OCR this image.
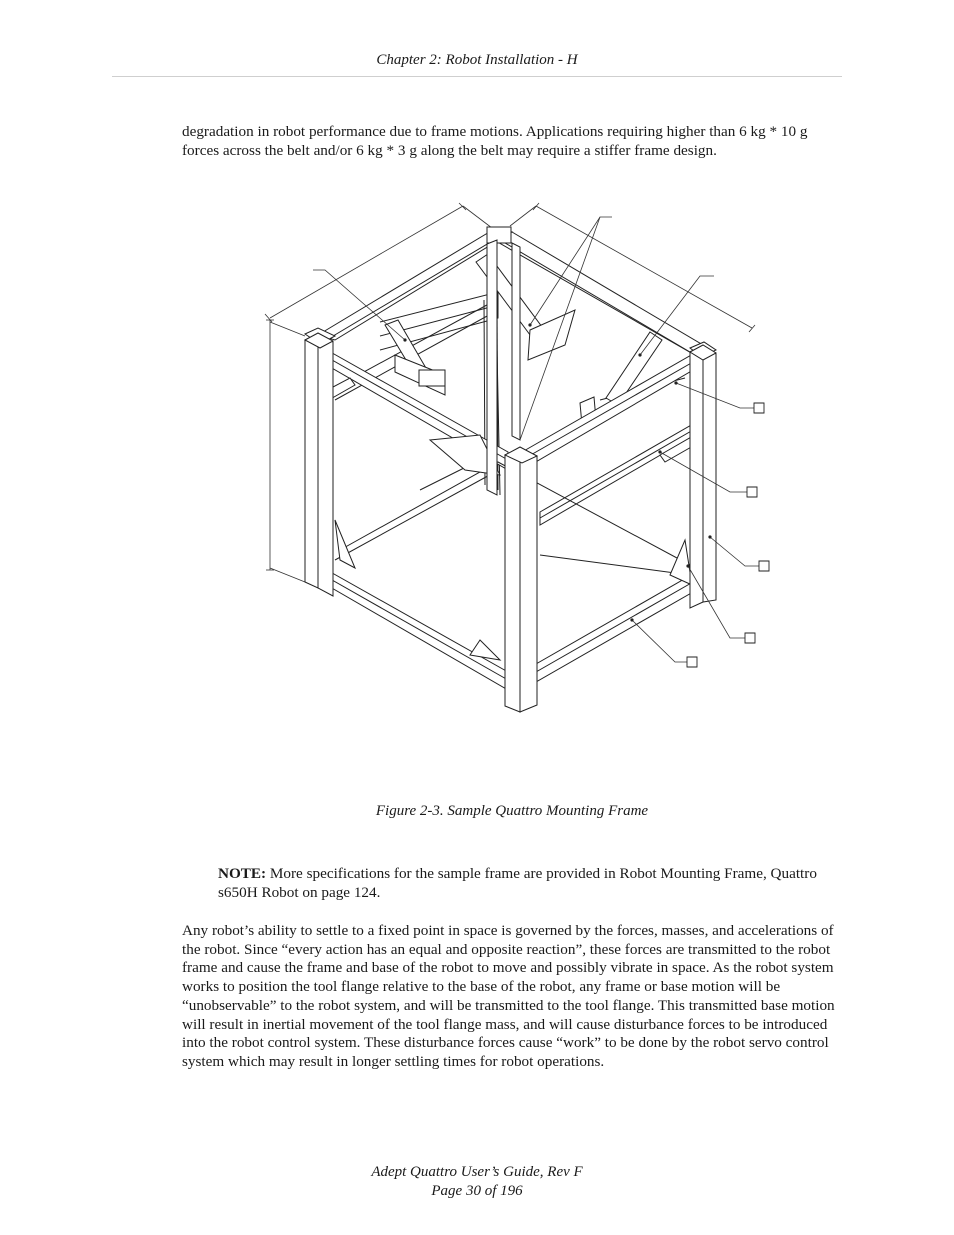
Chapter 2: Robot Installation - H

degradation in robot performance due to frame motions. Applications requiring higher than 6 kg * 10 g forces across the belt and/or 6 kg * 3 g along the belt may require a stiffer frame design.

Figure 2-3. Sample Quattro Mounting Frame
NOTE: More specifications for the sample frame are provided in Robot Mounting Frame, Quattro s650H Robot on page 124.

Any robot’s ability to settle to a fixed point in space is governed by the forces, masses, and accelerations of the robot. Since “every action has an equal and opposite reaction”, these forces are transmitted to the robot frame and cause the frame and base of the robot to move and possibly vibrate in space. As the robot system works to position the tool flange relative to the base of the robot, any frame or base motion will be “unobservable” to the robot system, and will be transmitted to the tool flange. This transmitted base motion will result in inertial movement of the tool flange mass, and will cause disturbance forces to be introduced into the robot control system. These disturbance forces cause “work” to be done by the robot servo control system which may result in longer settling times for robot operations.

Adept Quattro User’s Guide, Rev F
Page 30 of 196
